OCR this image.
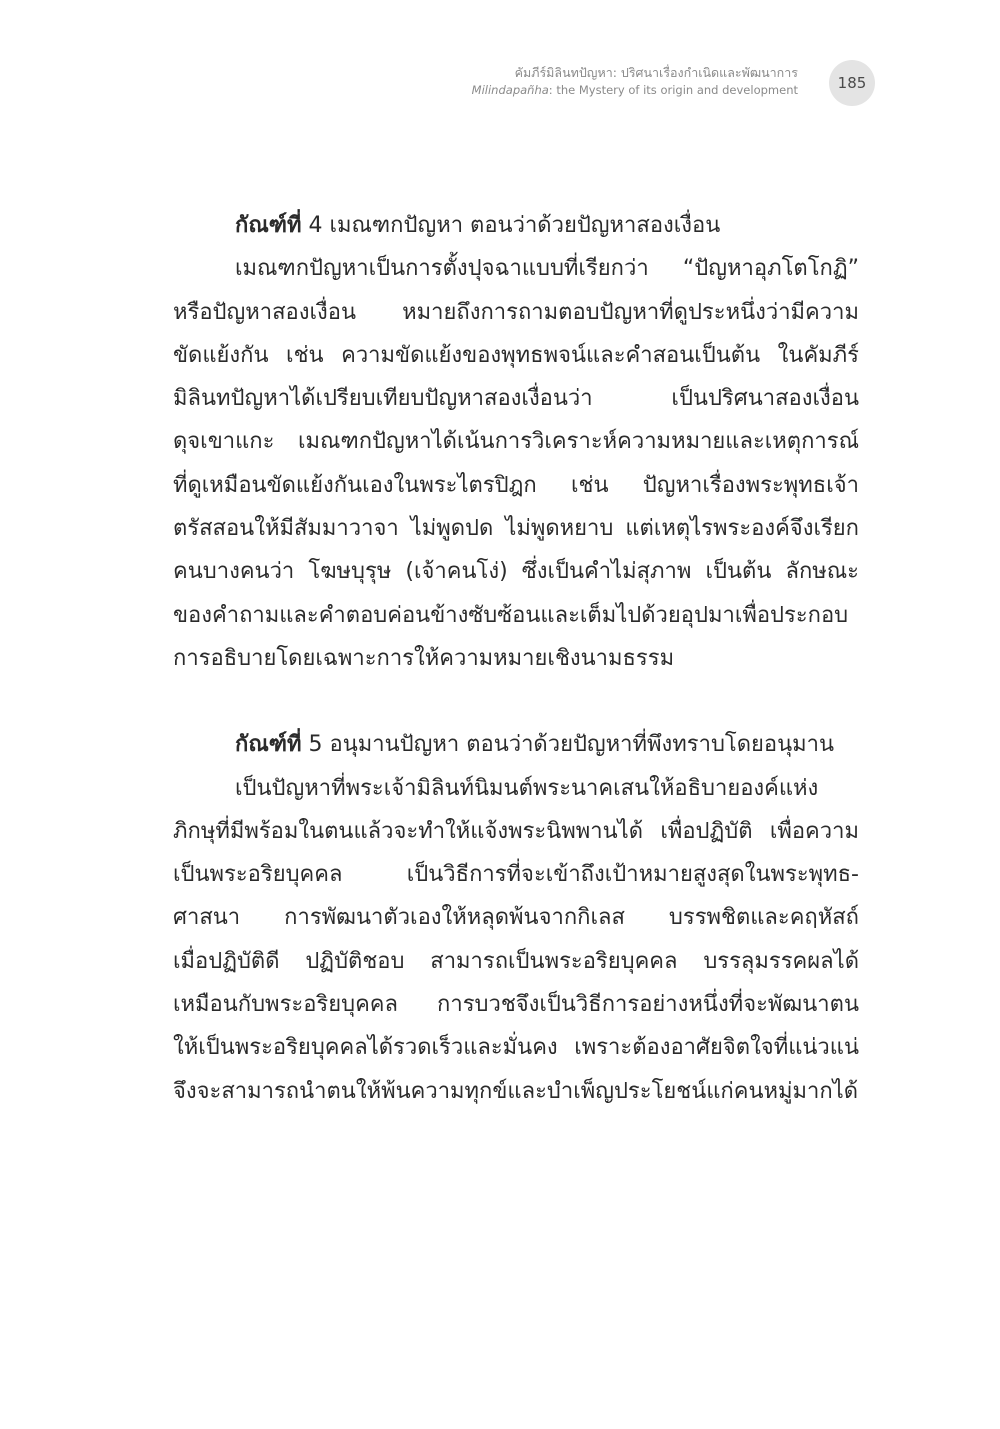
คัมภีร์มิลินทปัญหา: ปริศนาเรื่องกำเนิดและพัฒนาการ
Milindapañha: the Mystery of its origin and development	185
กัณฑ์ที่ 4 เมณฑกปัญหา ตอนว่าด้วยปัญหาสองเงื่อน
เมณฑกปัญหาเป็นการตั้งปุจฉาแบบที่เรียกว่า “ปัญหาอุภโตโกฏิ”
หรือปัญหาสองเงื่อน หมายถึงการถามตอบปัญหาที่ดูประหนึ่งว่ามีความ
ขัดแย้งกัน เช่น ความขัดแย้งของพุทธพจน์และคำสอนเป็นต้น ในคัมภีร์
มิลินทปัญหาได้เปรียบเทียบปัญหาสองเงื่อนว่า เป็นปริศนาสองเงื่อน
ดุจเขาแกะ เมณฑกปัญหาได้เน้นการวิเคราะห์ความหมายและเหตุการณ์
ที่ดูเหมือนขัดแย้งกันเองในพระไตรปิฎก เช่น ปัญหาเรื่องพระพุทธเจ้า
ตรัสสอนให้มีสัมมาวาจา ไม่พูดปด ไม่พูดหยาบ แต่เหตุไรพระองค์จึงเรียก
คนบางคนว่า โฆษบุรุษ (เจ้าคนโง่) ซึ่งเป็นคำไม่สุภาพ เป็นต้น ลักษณะ
ของคำถามและคำตอบค่อนข้างซับซ้อนและเต็มไปด้วยอุปมาเพื่อประกอบ
การอธิบายโดยเฉพาะการให้ความหมายเชิงนามธรรม
กัณฑ์ที่ 5 อนุมานปัญหา ตอนว่าด้วยปัญหาที่พึงทราบโดยอนุมาน
เป็นปัญหาที่พระเจ้ามิลินท์นิมนต์พระนาคเสนให้อธิบายองค์แห่ง
ภิกษุที่มีพร้อมในตนแล้วจะทำให้แจ้งพระนิพพานได้ เพื่อปฏิบัติ เพื่อความ
เป็นพระอริยบุคคล เป็นวิธีการที่จะเข้าถึงเป้าหมายสูงสุดในพระพุทธ-
ศาสนา การพัฒนาตัวเองให้หลุดพ้นจากกิเลส บรรพชิตและคฤหัสถ์
เมื่อปฏิบัติดี ปฏิบัติชอบ สามารถเป็นพระอริยบุคคล บรรลุมรรคผลได้
เหมือนกับพระอริยบุคคล การบวชจึงเป็นวิธีการอย่างหนึ่งที่จะพัฒนาตน
ให้เป็นพระอริยบุคคลได้รวดเร็วและมั่นคง เพราะต้องอาศัยจิตใจที่แน่วแน่
จึงจะสามารถนำตนให้พ้นความทุกข์และบำเพ็ญประโยชน์แก่คนหมู่มากได้
